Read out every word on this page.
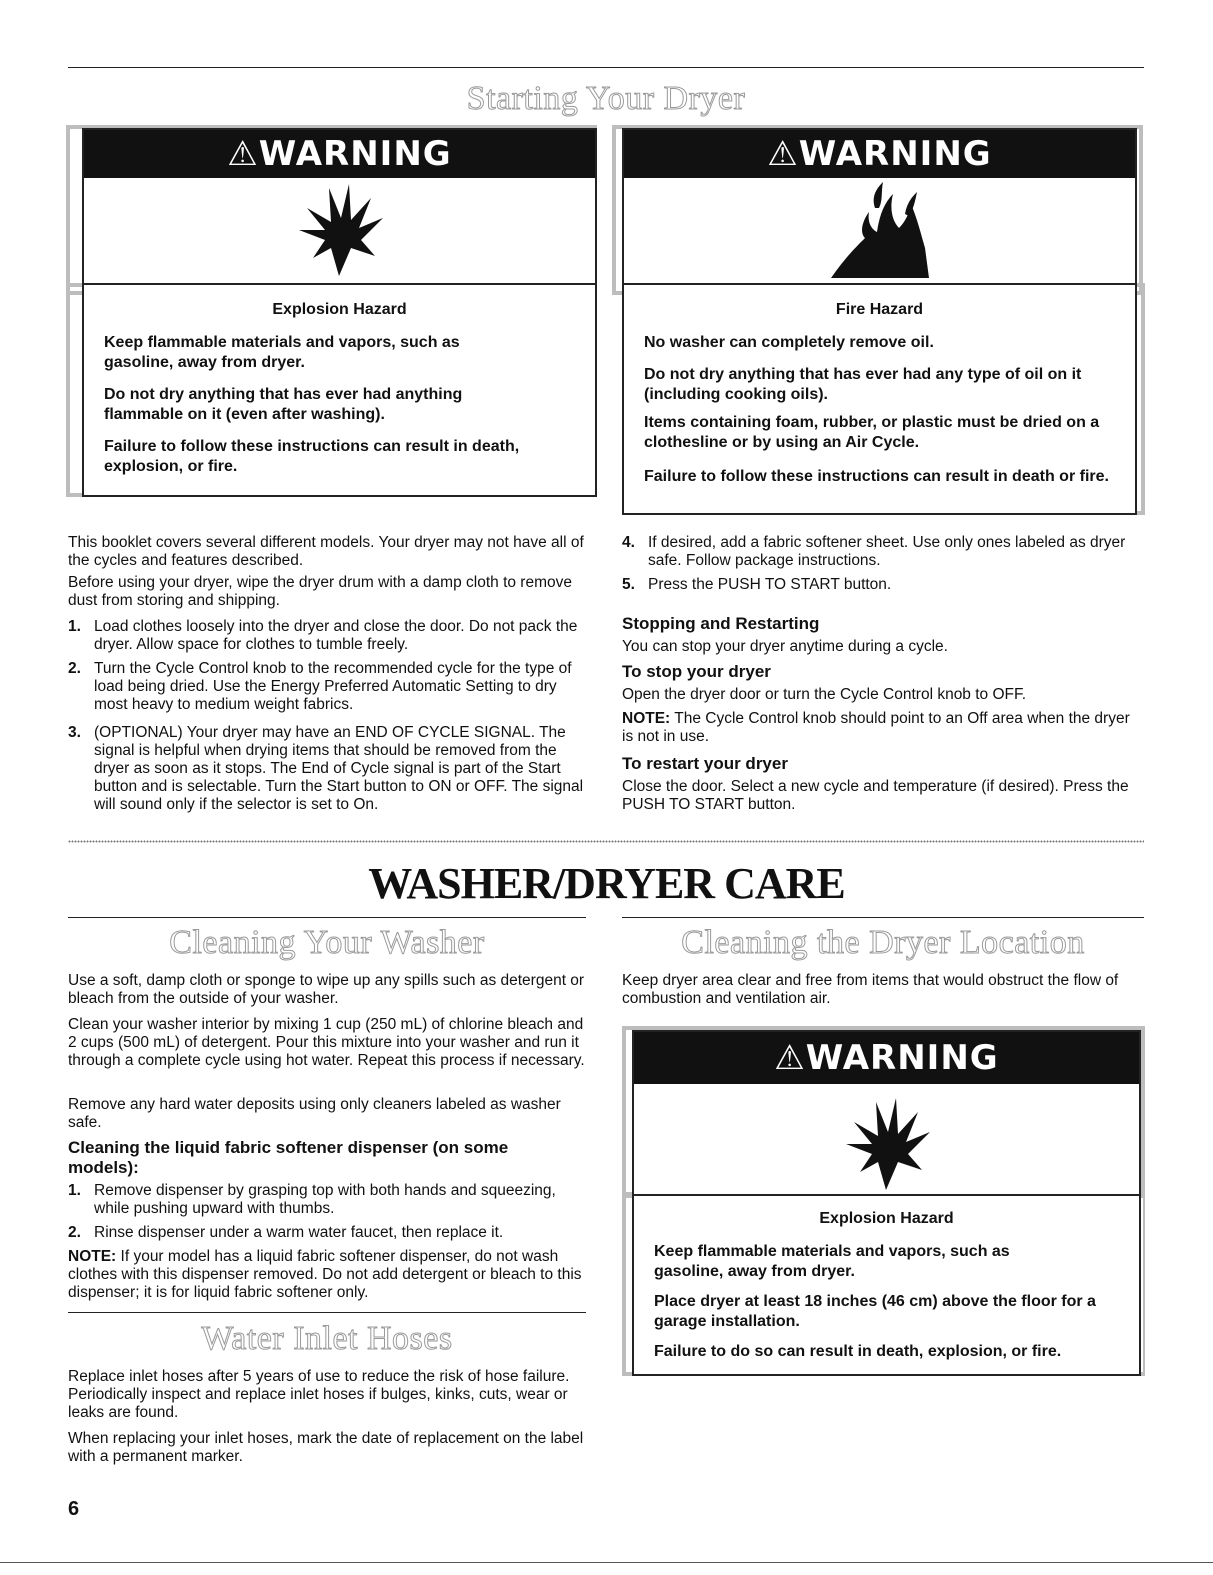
Starting Your Dryer
⚠WARNING
Explosion Hazard
Keep flammable materials and vapors, such as gasoline, away from dryer.
Do not dry anything that has ever had anything flammable on it (even after washing).
Failure to follow these instructions can result in death, explosion, or fire.
⚠WARNING
Fire Hazard
No washer can completely remove oil.
Do not dry anything that has ever had any type of oil on it (including cooking oils).
Items containing foam, rubber, or plastic must be dried on a clothesline or by using an Air Cycle.
Failure to follow these instructions can result in death or fire.
This booklet covers several different models. Your dryer may not have all of the cycles and features described.
Before using your dryer, wipe the dryer drum with a damp cloth to remove dust from storing and shipping.
1. Load clothes loosely into the dryer and close the door. Do not pack the dryer. Allow space for clothes to tumble freely.
2. Turn the Cycle Control knob to the recommended cycle for the type of load being dried. Use the Energy Preferred Automatic Setting to dry most heavy to medium weight fabrics.
3. (OPTIONAL) Your dryer may have an END OF CYCLE SIGNAL. The signal is helpful when drying items that should be removed from the dryer as soon as it stops. The End of Cycle signal is part of the Start button and is selectable. Turn the Start button to ON or OFF. The signal will sound only if the selector is set to On.
4. If desired, add a fabric softener sheet. Use only ones labeled as dryer safe. Follow package instructions.
5. Press the PUSH TO START button.
Stopping and Restarting
You can stop your dryer anytime during a cycle.
To stop your dryer
Open the dryer door or turn the Cycle Control knob to OFF.
NOTE: The Cycle Control knob should point to an Off area when the dryer is not in use.
To restart your dryer
Close the door. Select a new cycle and temperature (if desired). Press the PUSH TO START button.
WASHER/DRYER CARE
Cleaning Your Washer
Use a soft, damp cloth or sponge to wipe up any spills such as detergent or bleach from the outside of your washer.
Clean your washer interior by mixing 1 cup (250 mL) of chlorine bleach and 2 cups (500 mL) of detergent. Pour this mixture into your washer and run it through a complete cycle using hot water. Repeat this process if necessary.
Remove any hard water deposits using only cleaners labeled as washer safe.
Cleaning the liquid fabric softener dispenser (on some models):
1. Remove dispenser by grasping top with both hands and squeezing, while pushing upward with thumbs.
2. Rinse dispenser under a warm water faucet, then replace it.
NOTE: If your model has a liquid fabric softener dispenser, do not wash clothes with this dispenser removed. Do not add detergent or bleach to this dispenser; it is for liquid fabric softener only.
Water Inlet Hoses
Replace inlet hoses after 5 years of use to reduce the risk of hose failure. Periodically inspect and replace inlet hoses if bulges, kinks, cuts, wear or leaks are found.
When replacing your inlet hoses, mark the date of replacement on the label with a permanent marker.
Cleaning the Dryer Location
Keep dryer area clear and free from items that would obstruct the flow of combustion and ventilation air.
⚠WARNING
Explosion Hazard
Keep flammable materials and vapors, such as gasoline, away from dryer.
Place dryer at least 18 inches (46 cm) above the floor for a garage installation.
Failure to do so can result in death, explosion, or fire.
6
